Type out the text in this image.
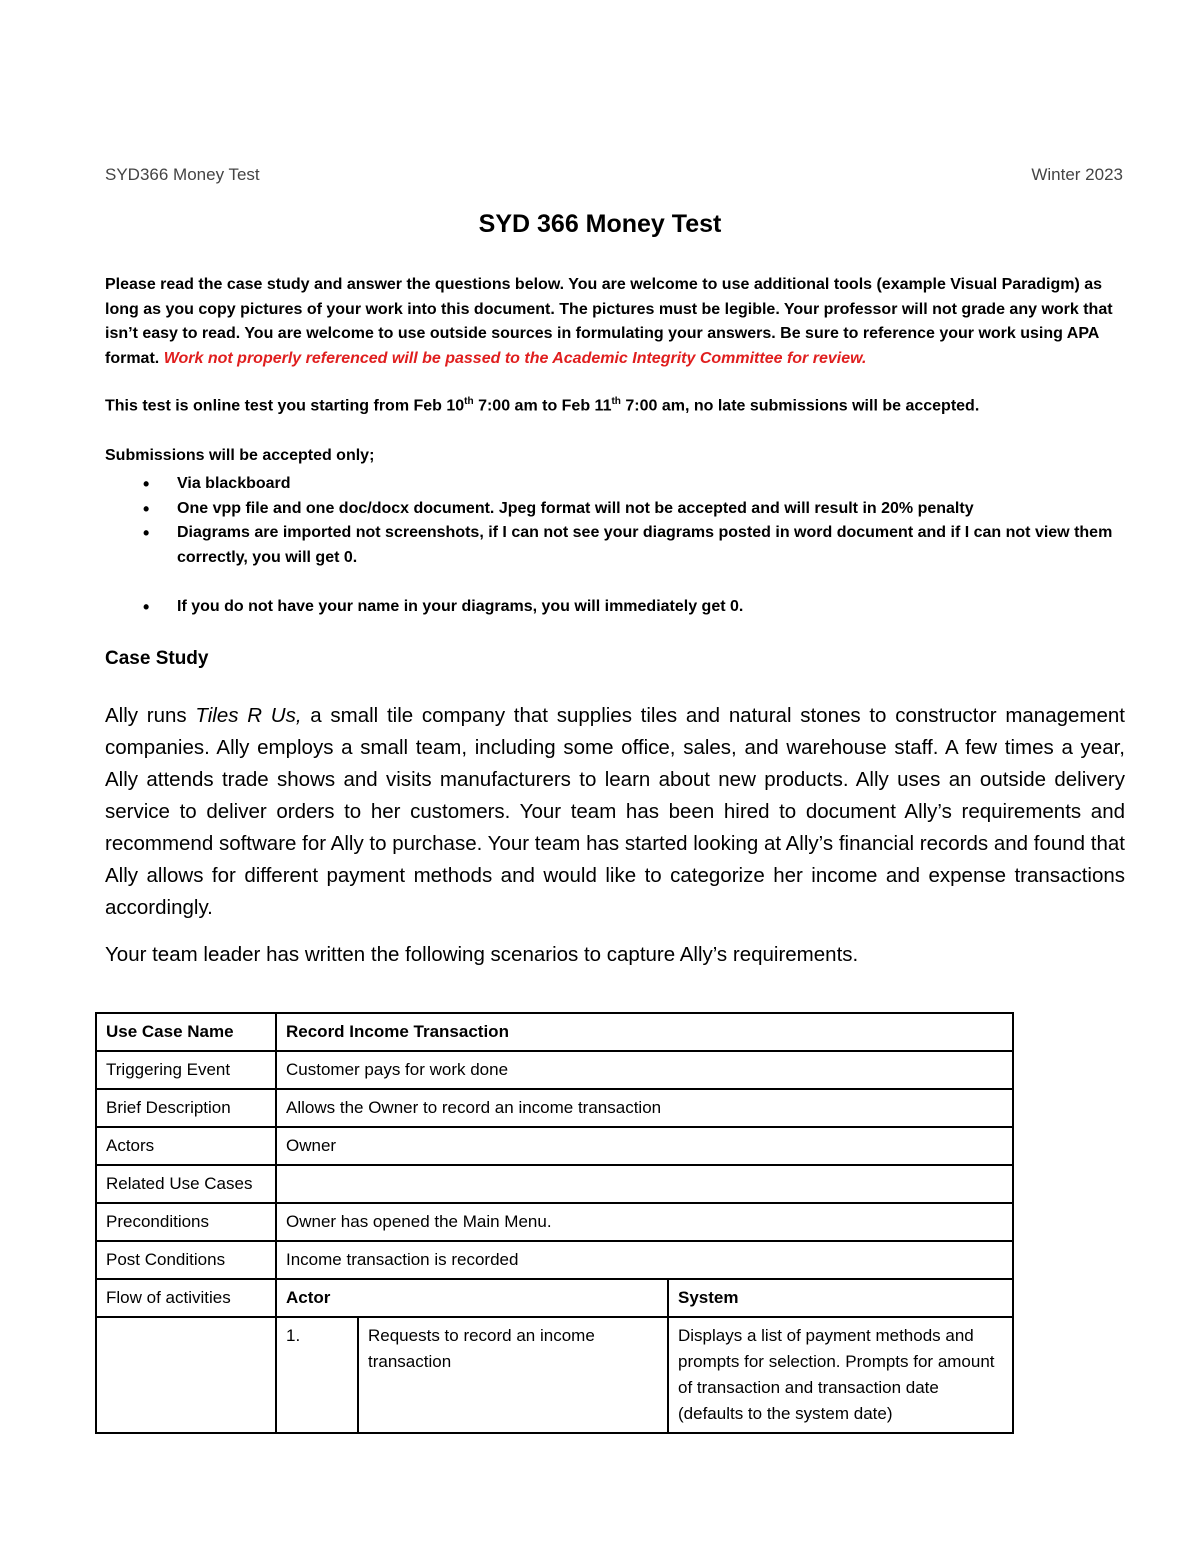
SYD366 Money Test	Winter 2023
SYD 366 Money Test
Please read the case study and answer the questions below. You are welcome to use additional tools (example Visual Paradigm) as long as you copy pictures of your work into this document. The pictures must be legible. Your professor will not grade any work that isn’t easy to read. You are welcome to use outside sources in formulating your answers. Be sure to reference your work using APA format. Work not properly referenced will be passed to the Academic Integrity Committee for review.
This test is online test you starting from Feb 10th 7:00 am to Feb 11th 7:00 am, no late submissions will be accepted.
Submissions will be accepted only;
• Via blackboard
• One vpp file and one doc/docx document. Jpeg format will not be accepted and will result in 20% penalty
• Diagrams are imported not screenshots, if I can not see your diagrams posted in word document and if I can not view them correctly, you will get 0.
• If you do not have your name in your diagrams, you will immediately get 0.
Case Study
Ally runs Tiles R Us, a small tile company that supplies tiles and natural stones to constructor management companies. Ally employs a small team, including some office, sales, and warehouse staff. A few times a year, Ally attends trade shows and visits manufacturers to learn about new products. Ally uses an outside delivery service to deliver orders to her customers. Your team has been hired to document Ally’s requirements and recommend software for Ally to purchase. Your team has started looking at Ally’s financial records and found that Ally allows for different payment methods and would like to categorize her income and expense transactions accordingly.
Your team leader has written the following scenarios to capture Ally’s requirements.
Use Case Name	Record Income Transaction		
Triggering Event	Customer pays for work done		
Brief Description	Allows the Owner to record an income transaction		
Actors	Owner		
Related Use Cases			
Preconditions	Owner has opened the Main Menu.		
Post Conditions	Income transaction is recorded		
Flow of activities	Actor		System
	1.	Requests to record an income transaction	Displays a list of payment methods and prompts for selection. Prompts for amount of transaction and transaction date (defaults to the system date)
